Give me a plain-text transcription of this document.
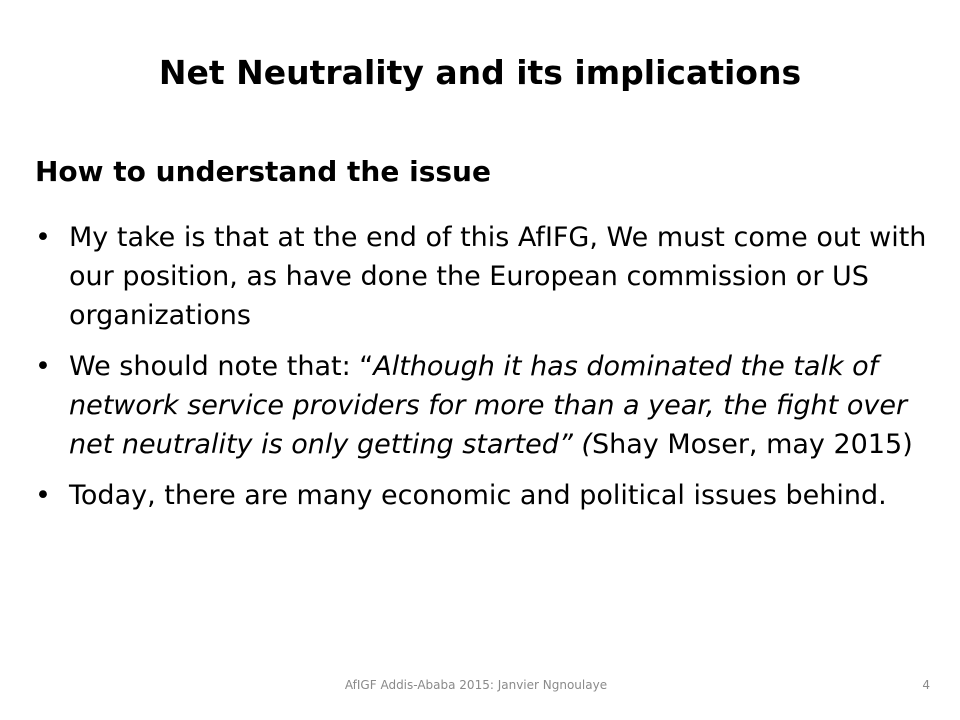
Net Neutrality and its implications
How to understand the issue
• My take is that at the end of this AfIFG, We must come out with our position, as have done the European commission or US organizations
• We should note that: “Although it has dominated the talk of network service providers for more than a year, the fight over net neutrality is only getting started” (Shay Moser, may 2015)
• Today, there are many economic and political issues behind.
AfIGF Addis-Ababa 2015: Janvier Ngnoulaye	4
